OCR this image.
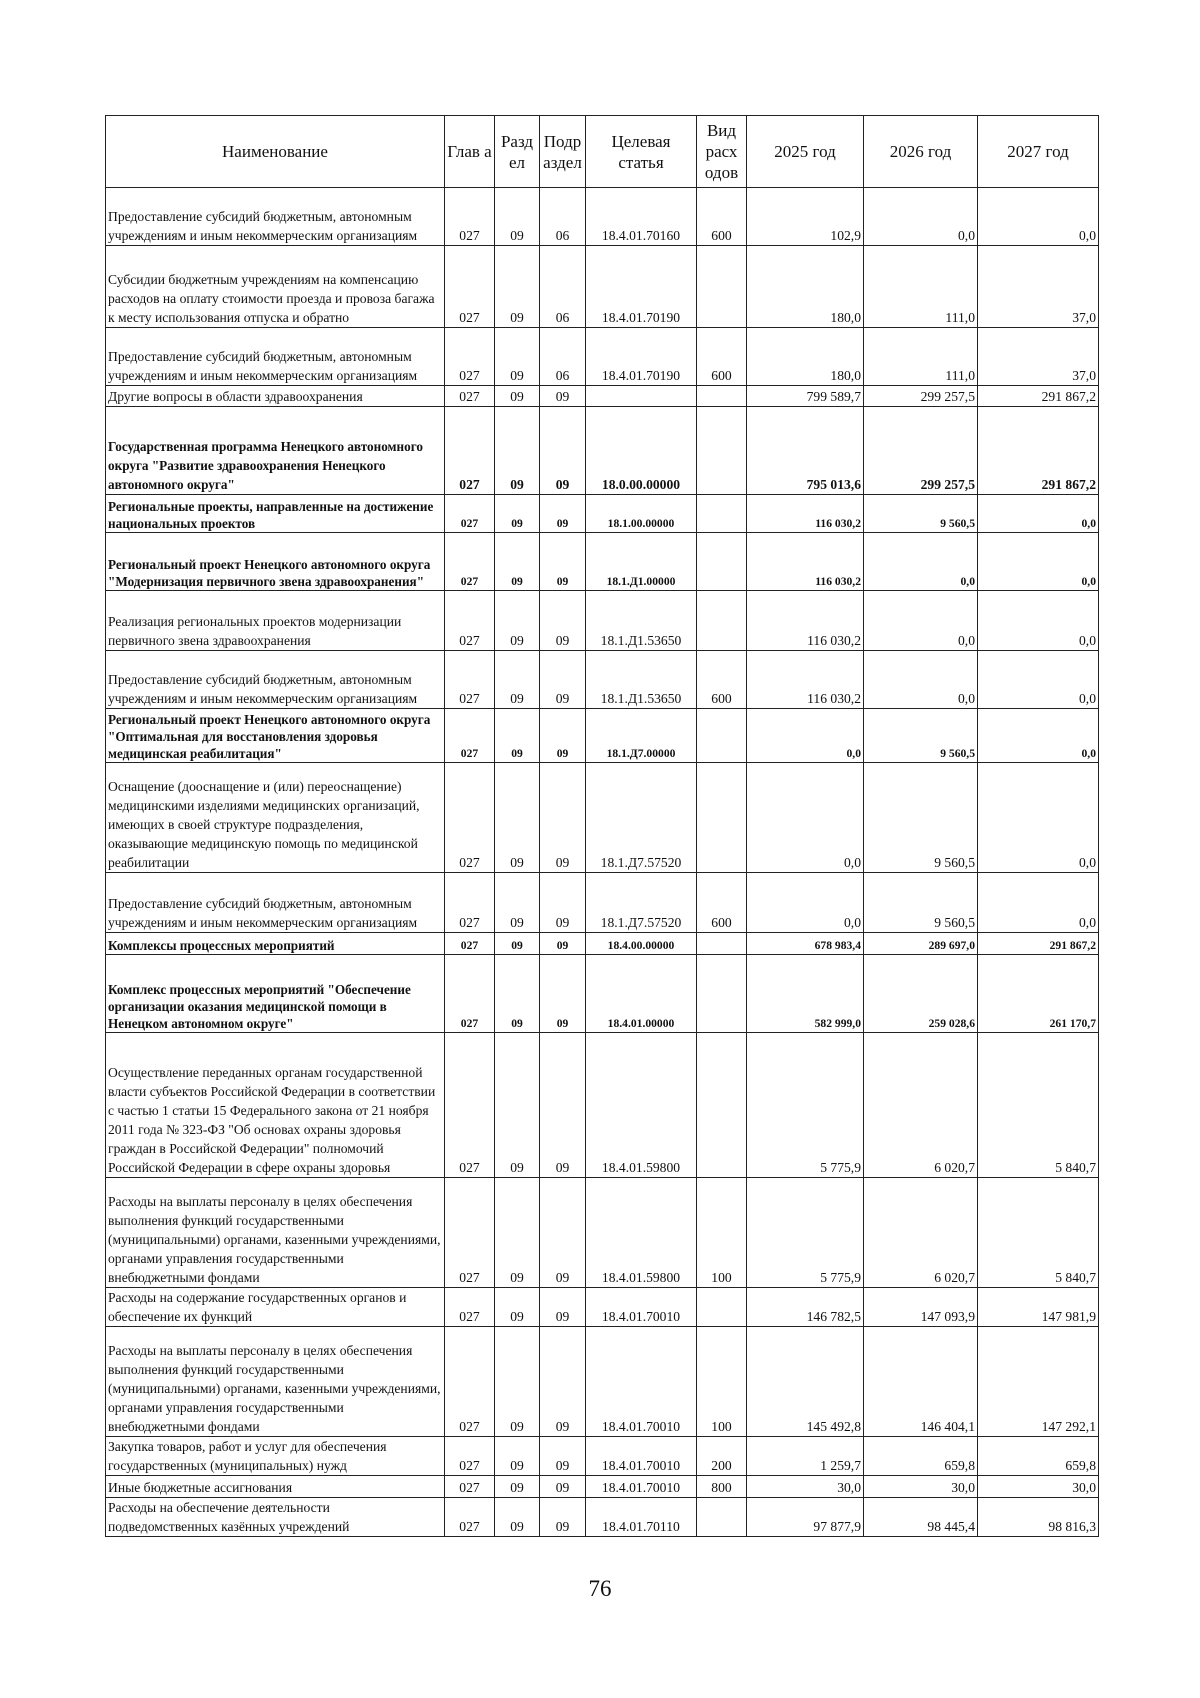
Наименование	Глав а	Разд ел	Подр аздел	Целевая статья	Вид расх одов	2025 год	2026 год	2027 год
Предоставление субсидий бюджетным, автономным учреждениям и иным некоммерческим организациям	027	09	06	18.4.01.70160	600	102,9	0,0	0,0
Субсидии бюджетным учреждениям на компенсацию расходов на оплату стоимости проезда и провоза багажа к месту использования отпуска и обратно	027	09	06	18.4.01.70190		180,0	111,0	37,0
Предоставление субсидий бюджетным, автономным учреждениям и иным некоммерческим организациям	027	09	06	18.4.01.70190	600	180,0	111,0	37,0
Другие вопросы в области здравоохранения	027	09	09			799 589,7	299 257,5	291 867,2
Государственная программа Ненецкого автономного округа "Развитие здравоохранения Ненецкого автономного округа"	027	09	09	18.0.00.00000		795 013,6	299 257,5	291 867,2
Региональные проекты, направленные на достижение национальных проектов	027	09	09	18.1.00.00000		116 030,2	9 560,5	0,0
Региональный проект Ненецкого автономного округа "Модернизация первичного звена здравоохранения"	027	09	09	18.1.Д1.00000		116 030,2	0,0	0,0
Реализация региональных проектов модернизации первичного звена здравоохранения	027	09	09	18.1.Д1.53650		116 030,2	0,0	0,0
Предоставление субсидий бюджетным, автономным учреждениям и иным некоммерческим организациям	027	09	09	18.1.Д1.53650	600	116 030,2	0,0	0,0
Региональный проект Ненецкого автономного округа "Оптимальная для восстановления здоровья медицинская реабилитация"	027	09	09	18.1.Д7.00000		0,0	9 560,5	0,0
Оснащение (дооснащение и (или) переоснащение) медицинскими изделиями медицинских организаций, имеющих в своей структуре подразделения, оказывающие медицинскую помощь по медицинской реабилитации	027	09	09	18.1.Д7.57520		0,0	9 560,5	0,0
Предоставление субсидий бюджетным, автономным учреждениям и иным некоммерческим организациям	027	09	09	18.1.Д7.57520	600	0,0	9 560,5	0,0
Комплексы процессных мероприятий	027	09	09	18.4.00.00000		678 983,4	289 697,0	291 867,2
Комплекс процессных мероприятий "Обеспечение организации оказания медицинской помощи в Ненецком автономном округе"	027	09	09	18.4.01.00000		582 999,0	259 028,6	261 170,7
Осуществление переданных органам государственной власти субъектов Российской Федерации в соответствии с частью 1 статьи 15 Федерального закона от 21 ноября 2011 года № 323-ФЗ "Об основах охраны здоровья граждан в Российской Федерации" полномочий Российской Федерации в сфере охраны здоровья	027	09	09	18.4.01.59800		5 775,9	6 020,7	5 840,7
Расходы на выплаты персоналу в целях обеспечения выполнения функций государственными (муниципальными) органами, казенными учреждениями, органами управления государственными внебюджетными фондами	027	09	09	18.4.01.59800	100	5 775,9	6 020,7	5 840,7
Расходы на содержание государственных органов и обеспечение их функций	027	09	09	18.4.01.70010		146 782,5	147 093,9	147 981,9
Расходы на выплаты персоналу в целях обеспечения выполнения функций государственными (муниципальными) органами, казенными учреждениями, органами управления государственными внебюджетными фондами	027	09	09	18.4.01.70010	100	145 492,8	146 404,1	147 292,1
Закупка товаров, работ и услуг для обеспечения государственных (муниципальных) нужд	027	09	09	18.4.01.70010	200	1 259,7	659,8	659,8
Иные бюджетные ассигнования	027	09	09	18.4.01.70010	800	30,0	30,0	30,0
Расходы на обеспечение деятельности подведомственных казённых учреждений	027	09	09	18.4.01.70110		97 877,9	98 445,4	98 816,3
76
